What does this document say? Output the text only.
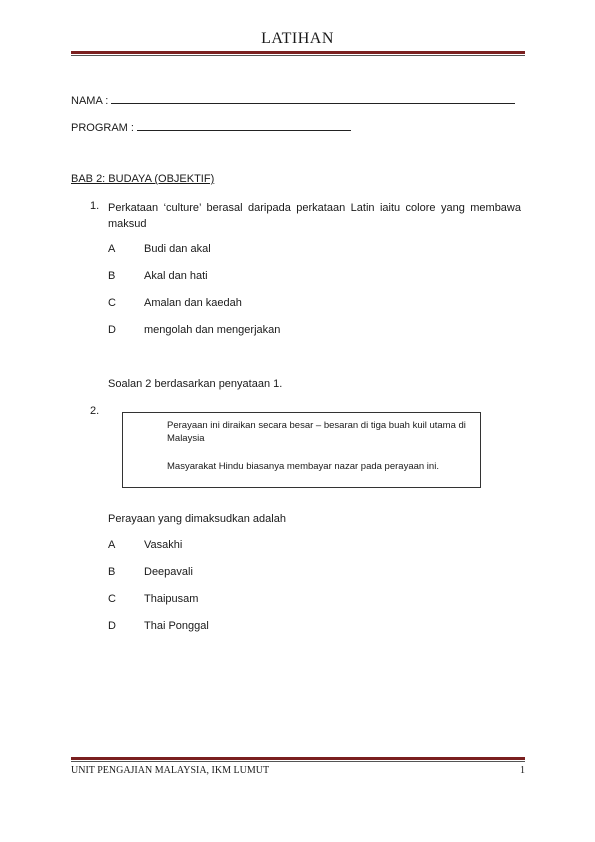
LATIHAN
NAMA :
PROGRAM :
BAB 2: BUDAYA (OBJEKTIF)
1. Perkataan ‘culture’ berasal daripada perkataan Latin iaitu colore yang membawa maksud
A	Budi dan akal
B	Akal dan hati
C	Amalan dan kaedah
D	mengolah dan mengerjakan
Soalan 2 berdasarkan penyataan 1.
2.
Perayaan ini diraikan secara besar – besaran di tiga buah kuil utama di Malaysia
Masyarakat Hindu biasanya membayar nazar pada perayaan ini.
Perayaan yang dimaksudkan adalah
A	Vasakhi
B	Deepavali
C	Thaipusam
D	Thai Ponggal
UNIT PENGAJIAN MALAYSIA, IKM LUMUT	1
